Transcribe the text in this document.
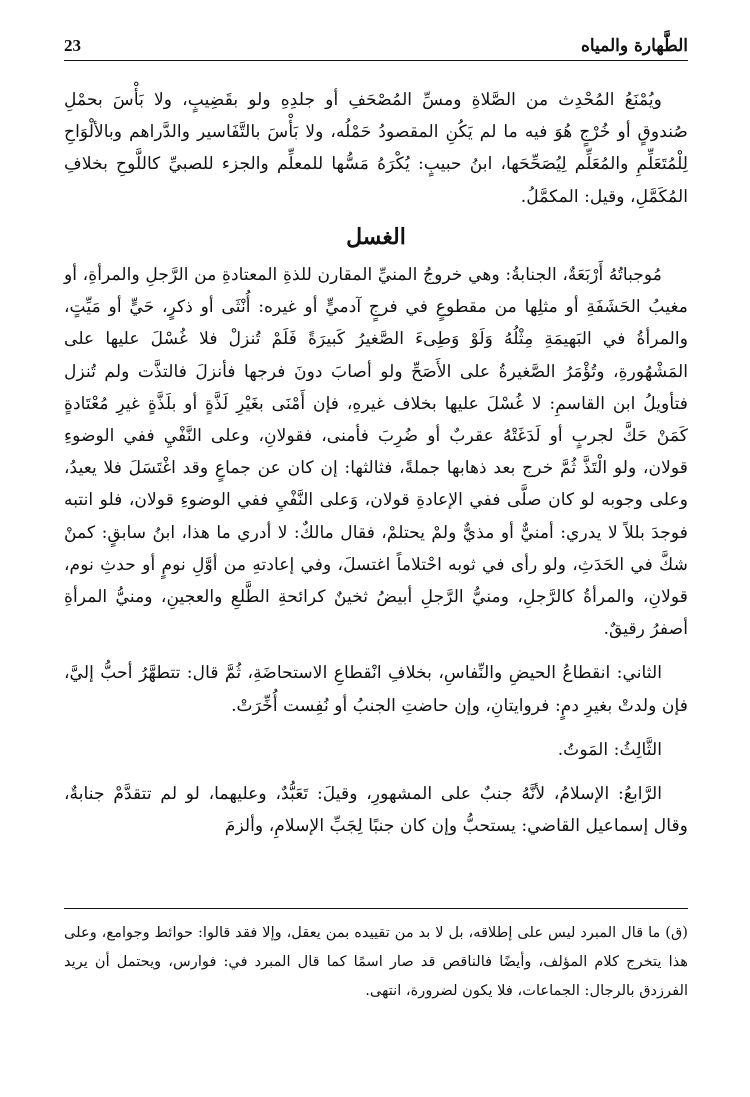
23	الطَّهارة والمياه

ويُمْنَعُ المُحْدِث من الصَّلاةِ ومسِّ المُصْحَفِ أو جلدِهِ ولو بقَضِيبٍ، ولا بَأْسَ بحمْلِ صُندوقٍ أو خُرْجٍ هُوَ فيه ما لم يَكُنِ المقصودُ حَمْلُه، ولا بَأْسَ بالتَّفَاسير والدَّراهم وبالألْوَاحِ لِلْمُتَعَلِّمِ والمُعَلِّم لِيُصَحِّحَها، ابنُ حبيبٍ: يُكْرَهُ مَسُّها للمعلِّم والجزء للصبيِّ كاللَّوحِ بخلافِ المُكَمَّلِ، وقيل: المكمَّلُ.

الغسل

مُوجباتُهُ أَرْبَعَةٌ، الجنابةُ: وهي خروجُ المنيِّ المقارن للذةِ المعتادةِ من الرَّجلِ والمرأةِ، أو مغيبُ الحَشَفَةِ أو مثلِها من مقطوعٍ في فرجٍ آدميٍّ أو غيره: أُنْثَى أو ذكرٍ، حَيٍّ أو مَيِّتٍ، والمرأةُ في البَهيمَةِ مِثْلُهُ وَلَوْ وَطِىءَ الصَّغيرُ كَبيرَةً فَلَمْ تُنزلْ فلا غُسْلَ عليها على المَشْهُورةِ، وتُؤْمَرُ الصَّغيرةُ على الأَصَحِّ ولو أصابَ دونَ فرجها فأنزلَ فالتذَّت ولم تُنزل فتأويلُ ابن القاسمِ: لا غُسْلَ عليها بخلاف غيرهِ، فإن أَمْنَى بغَيْرِ لَذَّةٍ أو بلَذَّةٍ غيرِ مُعْتَادةٍ كَمَنْ حَكَّ لجربٍ أو لَدَغَتْهُ عقربٌ أو ضُرِبَ فأمنى، فقولانِ، وعلى النَّفْيِ ففي الوضوءِ قولان، ولو الْتَذَّ ثُمَّ خرج بعد ذهابها جملةً، فثالثها: إن كان عن جماعٍ وقد اغْتَسَلَ فلا يعيدُ، وعلى وجوبه لو كان صلَّى ففي الإعادةِ قولان، وَعلى النَّفْيِ ففي الوضوءِ قولان، فلو انتبه فوجدَ بللاً لا يدري: أمنيٌّ أو مذيٌّ ولمْ يحتلمْ، فقال مالكٌ: لا أدري ما هذا، ابنُ سابقٍ: كمنْ شكَّ في الحَدَثِ، ولو رأى في ثوبه احْتلاماً اغتسلَ، وفي إعادتهِ من أوَّلِ نومٍ أو حدثِ نوم، قولانِ، والمرأةُ كالرَّجلِ، ومنيُّ الرَّجلِ أبيضُ ثخينٌ كرائحةِ الطَّلعِ والعجينِ، ومنيُّ المرأةِ أصفرُ رقيقٌ.

الثاني: انقطاعُ الحيضِ والنِّفاسِ، بخلافِ انْقطاعِ الاستحاضَةِ، ثُمَّ قال: تتطهَّرُ أحبُّ إليَّ، فإن ولدتْ بغيرِ دمٍ: فروايتانِ، وإن حاضتِ الجنبُ أو نُفِست أُخِّرَتْ.

الثَّالِثُ: المَوتُ.

الرَّابعُ: الإسلامُ، لأنَّهُ جنبٌ على المشهورِ، وقيلَ: تَعَبُّدٌ، وعليهما، لو لم تتقدَّمْ جنابةٌ، وقال إسماعيل القاضي: يستحبُّ وإن كان جنبًا لِجَبِّ الإسلامِ، وألزمَ

(ق) ما قال المبرد ليس على إطلاقه، بل لا بد من تقييده بمن يعقل، وإلا فقد قالوا: حوائط وجوامع، وعلى هذا يتخرج كلام المؤلف، وأيضًا فالناقص قد صار اسمًا كما قال المبرد في: فوارس، ويحتمل أن يريد الفرزدق بالرجال: الجماعات، فلا يكون لضرورة، انتهى.
